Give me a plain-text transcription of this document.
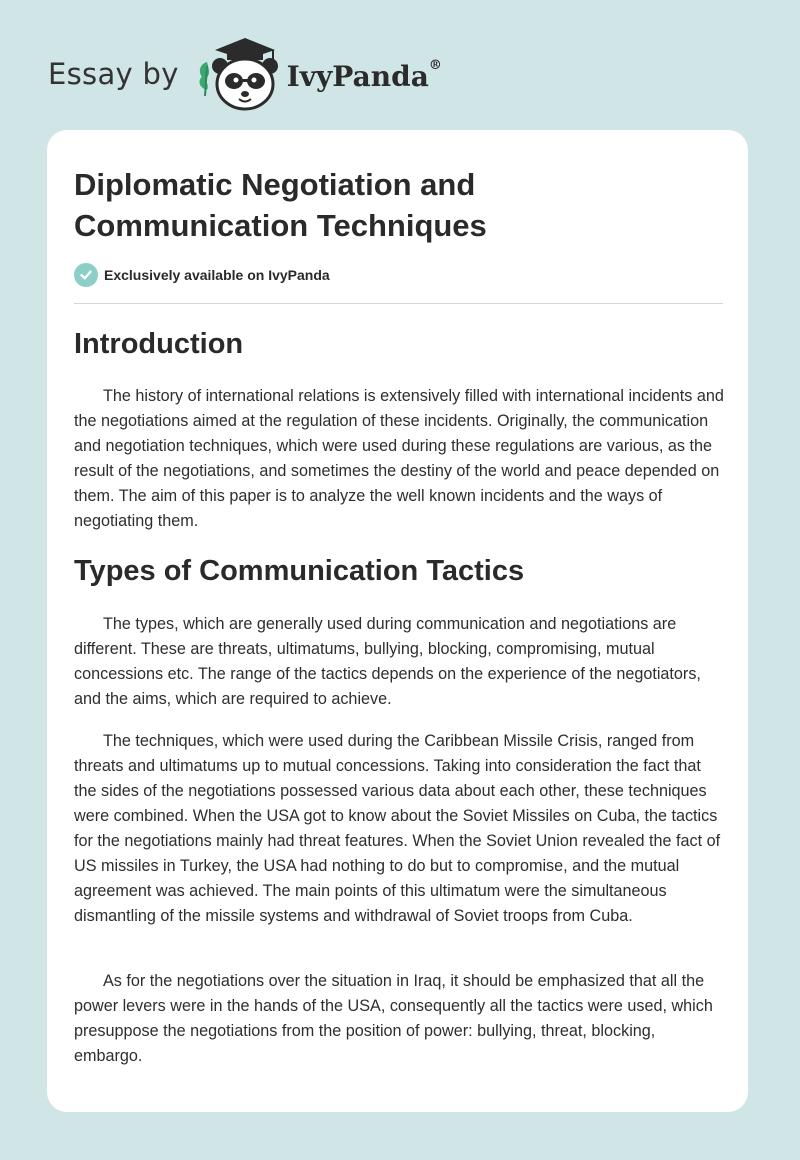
Essay by	IvyPanda®
Diplomatic Negotiation and
Communication Techniques
Exclusively available on IvyPanda
Introduction

The history of international relations is extensively filled with international incidents and the negotiations aimed at the regulation of these incidents. Originally, the communication and negotiation techniques, which were used during these regulations are various, as the result of the negotiations, and sometimes the destiny of the world and peace depended on them. The aim of this paper is to analyze the well known incidents and the ways of negotiating them.

Types of Communication Tactics

The types, which are generally used during communication and negotiations are different. These are threats, ultimatums, bullying, blocking, compromising, mutual concessions etc. The range of the tactics depends on the experience of the negotiators, and the aims, which are required to achieve.

The techniques, which were used during the Caribbean Missile Crisis, ranged from threats and ultimatums up to mutual concessions. Taking into consideration the fact that the sides of the negotiations possessed various data about each other, these techniques were combined. When the USA got to know about the Soviet Missiles on Cuba, the tactics for the negotiations mainly had threat features. When the Soviet Union revealed the fact of US missiles in Turkey, the USA had nothing to do but to compromise, and the mutual agreement was achieved. The main points of this ultimatum were the simultaneous dismantling of the missile systems and withdrawal of Soviet troops from Cuba.

As for the negotiations over the situation in Iraq, it should be emphasized that all the power levers were in the hands of the USA, consequently all the tactics were used, which presuppose the negotiations from the position of power: bullying, threat, blocking, embargo.
